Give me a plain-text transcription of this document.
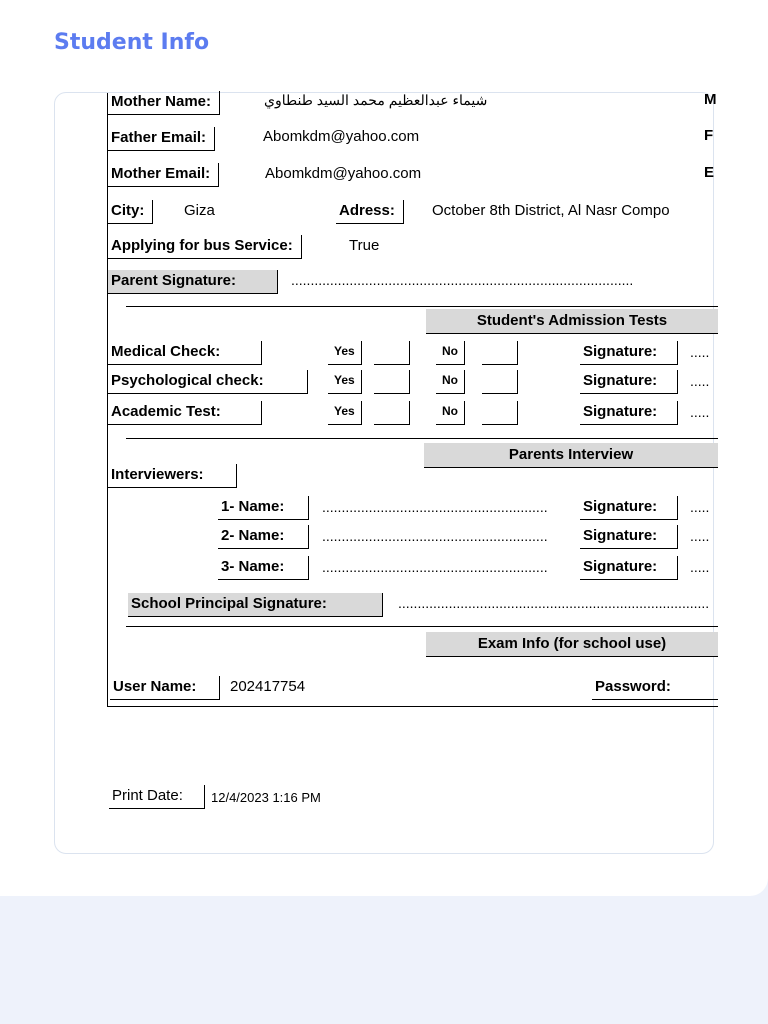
Student Info
Mother Name:	شيماء عبدالعظيم محمد السيد طنطاوي	M
Father Email:	Abomkdm@yahoo.com	F
Mother Email:	Abomkdm@yahoo.com	E
City:	Giza	Adress:	October 8th District, Al Nasr Compo
Applying for bus Service:	True
Parent Signature:	........................................................................................
Student's Admission Tests
Medical Check:	Yes	No	Signature:	.....
Psychological check:	Yes	No	Signature:	.....
Academic Test:	Yes	No	Signature:	.....
Parents Interview
Interviewers:
1- Name:	.......................................................... Signature:	.....
2- Name:	.......................................................... Signature:	.....
3- Name:	.......................................................... Signature:	.....
School Principal Signature:	................................................................................
Exam Info (for school use)
User Name:	202417754	Password:
Print Date:	12/4/2023 1:16 PM
